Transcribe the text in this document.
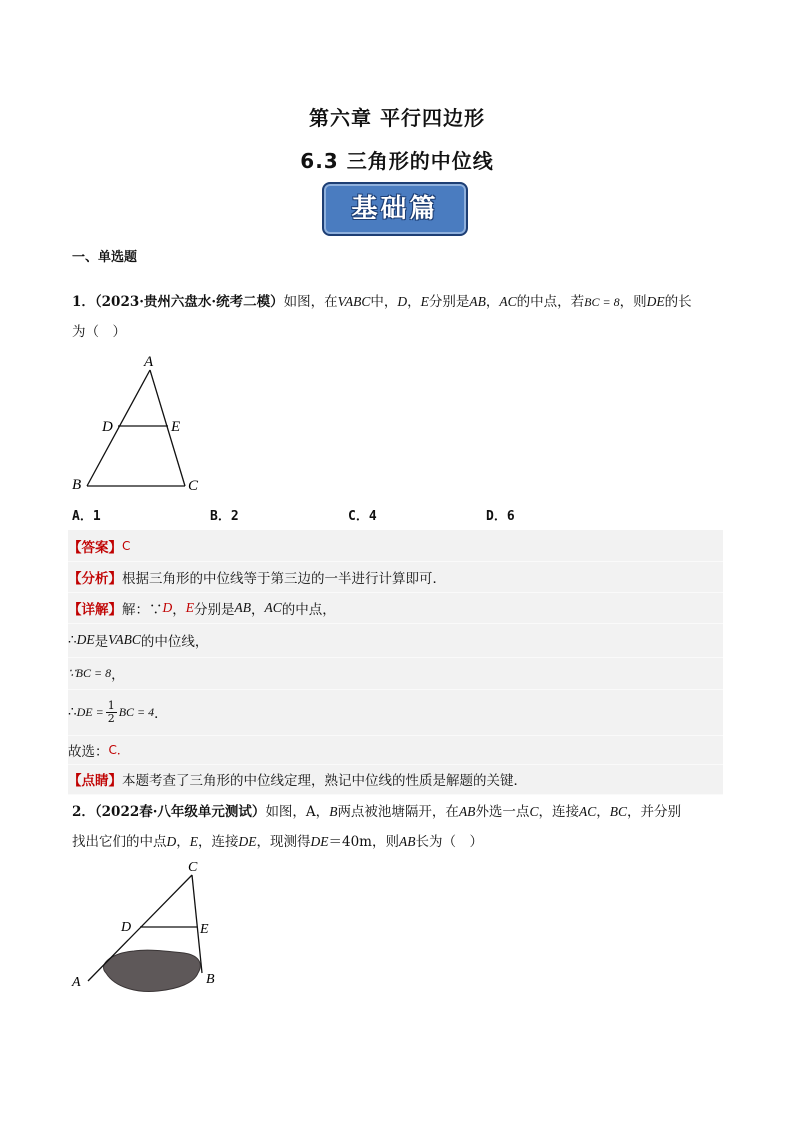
第六章 平行四边形
6.3 三角形的中位线
基础篇
一、单选题
1．（2023·贵州六盘水·统考二模）如图，在VABC中，D，E分别是AB，AC的中点，若BC = 8，则DE的长
为（　）
A
D	E
B	C
A．1	B．2	C．4	D．6
【答案】 C
【分析】 根据三角形的中位线等于第三边的一半进行计算即可．
【详解】 解：∵ D ， E 分别是 AB ， AC 的中点，
∴ DE 是 VABC 的中位线，
∵BC = 8 ，
∴ DE = $\frac{1}{2}$ BC = 4 ．
故选： C．
【点睛】 本题考查了三角形的中位线定理，熟记中位线的性质是解题的关键．
2．（2022春·八年级单元测试）如图，A，B两点被池塘隔开，在AB外选一点C，连接AC，BC，并分别
找出它们的中点D，E，连接DE，现测得DE＝40m，则AB长为（　）
C
D	E
A	B
